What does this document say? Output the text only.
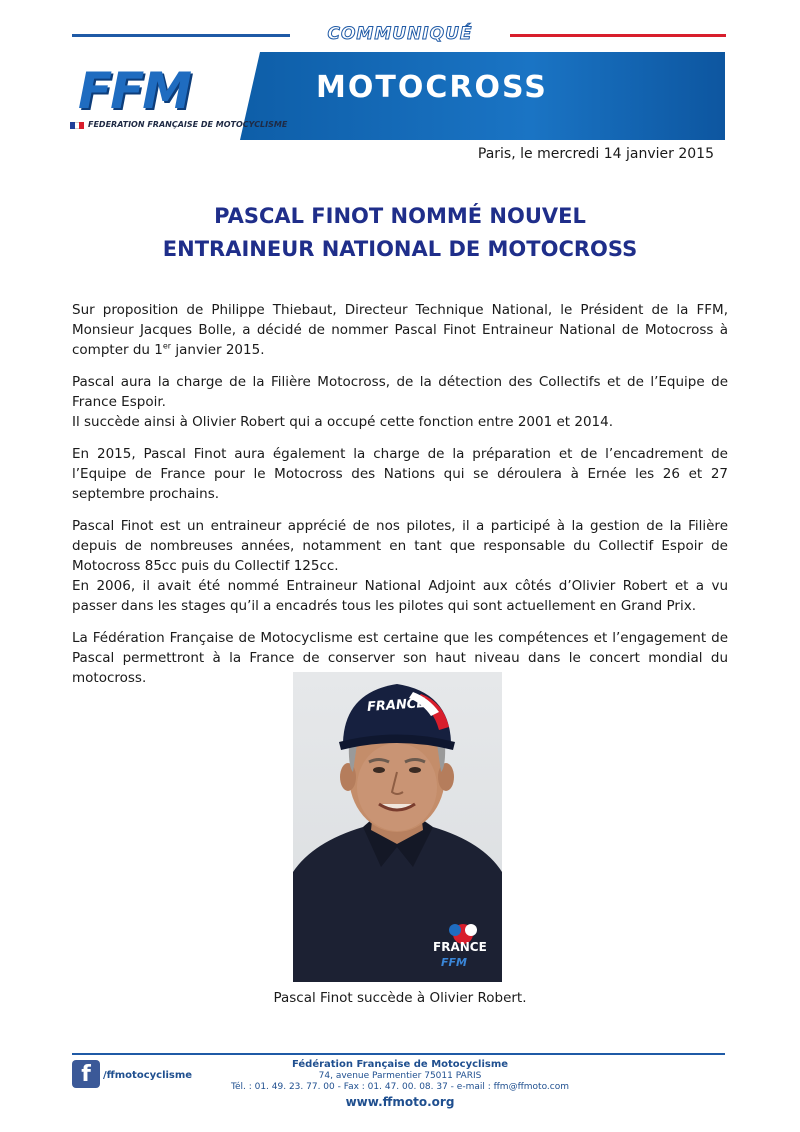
COMMUNIQUÉ
MOTOCROSS
FFM
FEDERATION FRANÇAISE DE MOTOCYCLISME
Paris, le mercredi 14 janvier 2015
PASCAL FINOT NOMMÉ NOUVEL
ENTRAINEUR NATIONAL DE MOTOCROSS

Sur proposition de Philippe Thiebaut, Directeur Technique National, le Président de la FFM, Monsieur Jacques Bolle, a décidé de nommer Pascal Finot Entraineur National de Motocross à compter du 1er janvier 2015.

Pascal aura la charge de la Filière Motocross, de la détection des Collectifs et de l’Equipe de France Espoir.

Il succède ainsi à Olivier Robert qui a occupé cette fonction entre 2001 et 2014.

En 2015, Pascal Finot aura également la charge de la préparation et de l’encadrement de l’Equipe de France pour le Motocross des Nations qui se déroulera à Ernée les 26 et 27 septembre prochains.

Pascal Finot est un entraineur apprécié de nos pilotes, il a participé à la gestion de la Filière depuis de nombreuses années, notamment en tant que responsable du Collectif Espoir de Motocross 85cc puis du Collectif 125cc.

En 2006, il avait été nommé Entraineur National Adjoint aux côtés d’Olivier Robert et a vu passer dans les stages qu’il a encadrés tous les pilotes qui sont actuellement en Grand Prix.

La Fédération Française de Motocyclisme est certaine que les compétences et l’engagement de Pascal permettront à la France de conserver son haut niveau dans le concert mondial du motocross.

FRANCE
FRANCE
FFM
Pascal Finot succède à Olivier Robert.
f	/ffmotocyclisme
Fédération Française de Motocyclisme
74, avenue Parmentier 75011 PARIS
Tél. : 01. 49. 23. 77. 00 - Fax : 01. 47. 00. 08. 37 - e-mail : ffm@ffmoto.com
www.ffmoto.org
